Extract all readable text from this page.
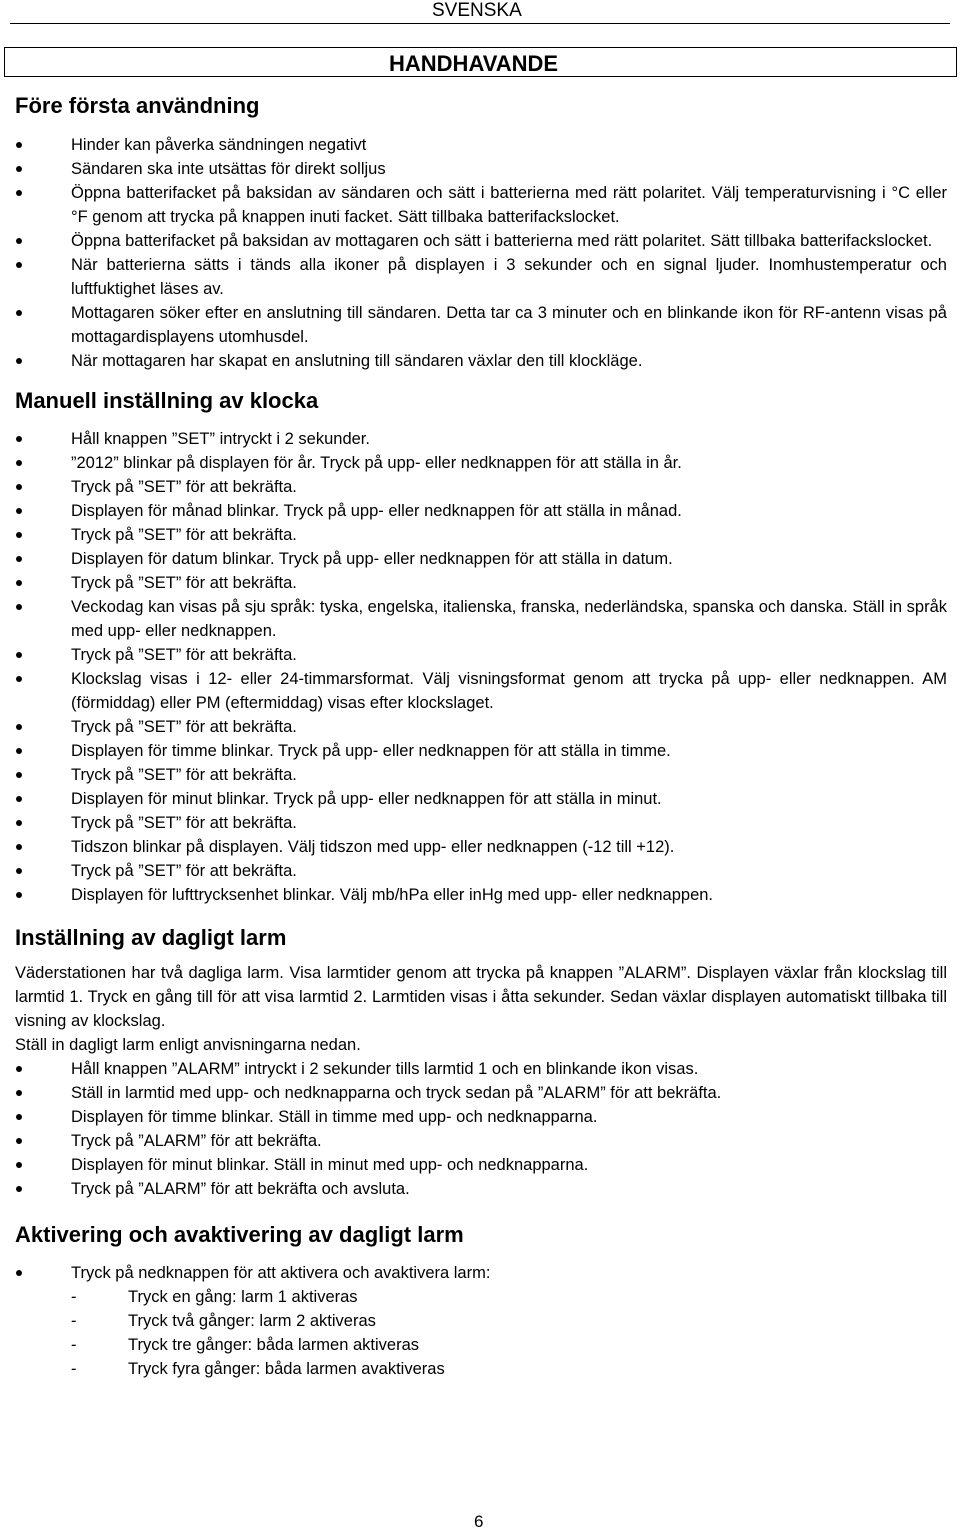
SVENSKA
HANDHAVANDE
Före första användning
Hinder kan påverka sändningen negativt
Sändaren ska inte utsättas för direkt solljus
Öppna batterifacket på baksidan av sändaren och sätt i batterierna med rätt polaritet. Välj temperaturvisning i °C eller °F genom att trycka på knappen inuti facket. Sätt tillbaka batterifackslocket.
Öppna batterifacket på baksidan av mottagaren och sätt i batterierna med rätt polaritet. Sätt tillbaka batterifackslocket.
När batterierna sätts i tänds alla ikoner på displayen i 3 sekunder och en signal ljuder. Inomhustemperatur och luftfuktighet läses av.
Mottagaren söker efter en anslutning till sändaren. Detta tar ca 3 minuter och en blinkande ikon för RF-antenn visas på mottagardisplayens utomhusdel.
När mottagaren har skapat en anslutning till sändaren växlar den till klockläge.
Manuell inställning av klocka
Håll knappen ”SET” intryckt i 2 sekunder.
”2012” blinkar på displayen för år. Tryck på upp- eller nedknappen för att ställa in år.
Tryck på ”SET” för att bekräfta.
Displayen för månad blinkar. Tryck på upp- eller nedknappen för att ställa in månad.
Tryck på ”SET” för att bekräfta.
Displayen för datum blinkar. Tryck på upp- eller nedknappen för att ställa in datum.
Tryck på ”SET” för att bekräfta.
Veckodag kan visas på sju språk: tyska, engelska, italienska, franska, nederländska, spanska och danska. Ställ in språk med upp- eller nedknappen.
Tryck på ”SET” för att bekräfta.
Klockslag visas i 12- eller 24-timmarsformat. Välj visningsformat genom att trycka på upp- eller nedknappen. AM (förmiddag) eller PM (eftermiddag) visas efter klockslaget.
Tryck på ”SET” för att bekräfta.
Displayen för timme blinkar. Tryck på upp- eller nedknappen för att ställa in timme.
Tryck på ”SET” för att bekräfta.
Displayen för minut blinkar. Tryck på upp- eller nedknappen för att ställa in minut.
Tryck på ”SET” för att bekräfta.
Tidszon blinkar på displayen. Välj tidszon med upp- eller nedknappen (-12 till +12).
Tryck på ”SET” för att bekräfta.
Displayen för lufttrycksenhet blinkar. Välj mb/hPa eller inHg med upp- eller nedknappen.
Inställning av dagligt larm

Väderstationen har två dagliga larm. Visa larmtider genom att trycka på knappen ”ALARM”. Displayen växlar från klockslag till larmtid 1. Tryck en gång till för att visa larmtid 2. Larmtiden visas i åtta sekunder. Sedan växlar displayen automatiskt tillbaka till visning av klockslag.

Ställ in dagligt larm enligt anvisningarna nedan.

Håll knappen ”ALARM” intryckt i 2 sekunder tills larmtid 1 och en blinkande ikon visas.
Ställ in larmtid med upp- och nedknapparna och tryck sedan på ”ALARM” för att bekräfta.
Displayen för timme blinkar. Ställ in timme med upp- och nedknapparna.
Tryck på ”ALARM” för att bekräfta.
Displayen för minut blinkar. Ställ in minut med upp- och nedknapparna.
Tryck på ”ALARM” för att bekräfta och avsluta.
Aktivering och avaktivering av dagligt larm
Tryck på nedknappen för att aktivera och avaktivera larm:
- Tryck en gång: larm 1 aktiveras
- Tryck två gånger: larm 2 aktiveras
- Tryck tre gånger: båda larmen aktiveras
- Tryck fyra gånger: båda larmen avaktiveras
6
